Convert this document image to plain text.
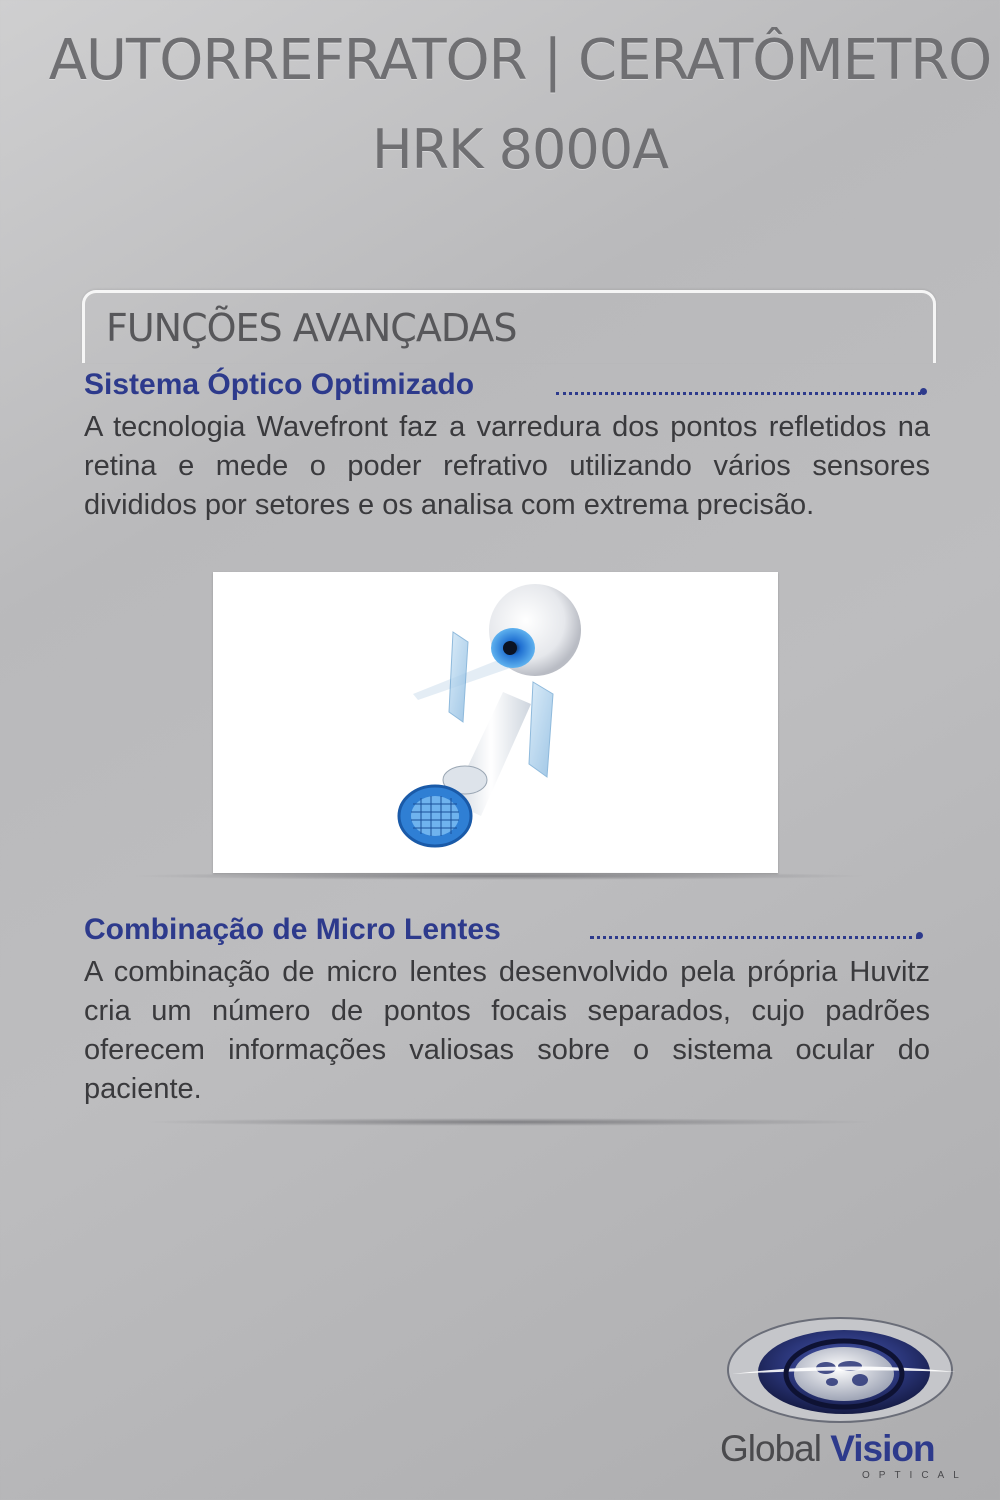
AUTORREFRATOR | CERATÔMETRO
HRK 8000A
FUNÇÕES AVANÇADAS
Sistema Óptico Optimizado
A tecnologia Wavefront faz a varredura dos pontos refletidos na retina e mede o poder refrativo utilizando vários sensores divididos por setores e os analisa com extrema precisão.
Combinação de Micro Lentes
A combinação de micro lentes desenvolvido pela própria Huvitz cria um número de pontos focais separados, cujo padrões oferecem informações valiosas sobre o sistema ocular do paciente.
Global Vision
OPTICAL
